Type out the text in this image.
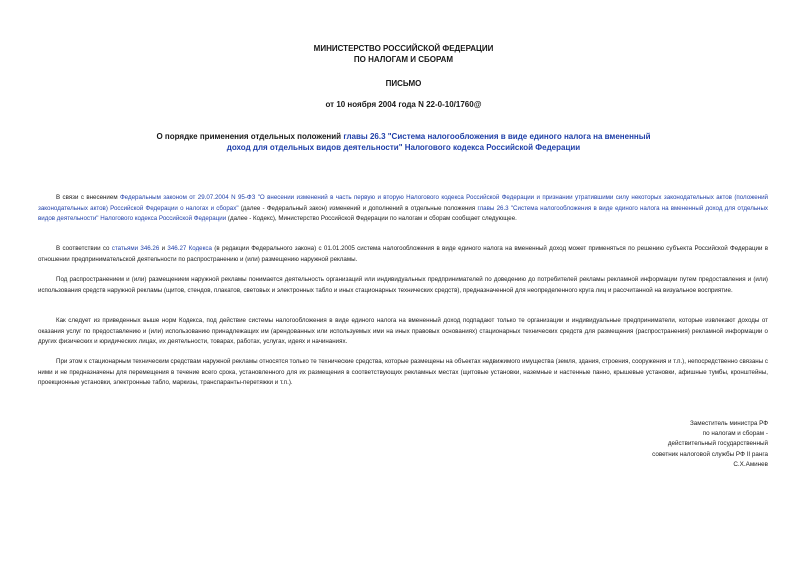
МИНИСТЕРСТВО РОССИЙСКОЙ ФЕДЕРАЦИИ
ПО НАЛОГАМ И СБОРАМ
ПИСЬМО
от 10 ноября 2004 года N 22-0-10/1760@
О порядке применения отдельных положений главы 26.3 "Система налогообложения в виде единого налога на вмененный доход для отдельных видов деятельности" Налогового кодекса Российской Федерации

В связи с внесением Федеральным законом от 29.07.2004 N 95-ФЗ "О внесении изменений в часть первую и вторую Налогового кодекса Российской Федерации и признании утратившими силу некоторых законодательных актов (положений законодательных актов) Российской Федерации о налогах и сборах" (далее - Федеральный закон) изменений и дополнений в отдельные положения главы 26.3 "Система налогообложения в виде единого налога на вмененный доход для отдельных видов деятельности" Налогового кодекса Российской Федерации (далее - Кодекс), Министерство Российской Федерации по налогам и сборам сообщает следующее.

В соответствии со статьями 346.26 и 346.27 Кодекса (в редакции Федерального закона) с 01.01.2005 система налогообложения в виде единого налога на вмененный доход может применяться по решению субъекта Российской Федерации в отношении предпринимательской деятельности по распространению и (или) размещению наружной рекламы.

Под распространением и (или) размещением наружной рекламы понимается деятельность организаций или индивидуальных предпринимателей по доведению до потребителей рекламы рекламной информации путем предоставления и (или) использования средств наружной рекламы (щитов, стендов, плакатов, световых и электронных табло и иных стационарных технических средств), предназначенной для неопределенного круга лиц и рассчитанной на визуальное восприятие.

Как следует из приведенных выше норм Кодекса, под действие системы налогообложения в виде единого налога на вмененный доход подпадают только те организации и индивидуальные предприниматели, которые извлекают доходы от оказания услуг по предоставлению и (или) использованию принадлежащих им (арендованных или используемых ими на иных правовых основаниях) стационарных технических средств для размещения (распространения) рекламной информации о других физических и юридических лицах, их деятельности, товарах, работах, услугах, идеях и начинаниях.

При этом к стационарным техническим средствам наружной рекламы относятся только те технические средства, которые размещены на объектах недвижимого имущества (земля, здания, строения, сооружения и т.п.), непосредственно связаны с ними и не предназначены для перемещения в течение всего срока, установленного для их размещения в соответствующих рекламных местах (щитовые установки, наземные и настенные панно, крышевые установки, афишные тумбы, кронштейны, проекционные установки, электронные табло, маркизы, транспаранты-перетяжки и т.п.).

Заместитель министра РФ
по налогам и сборам -
действительный государственный
советник налоговой службы РФ II ранга
С.Х.Аминев
